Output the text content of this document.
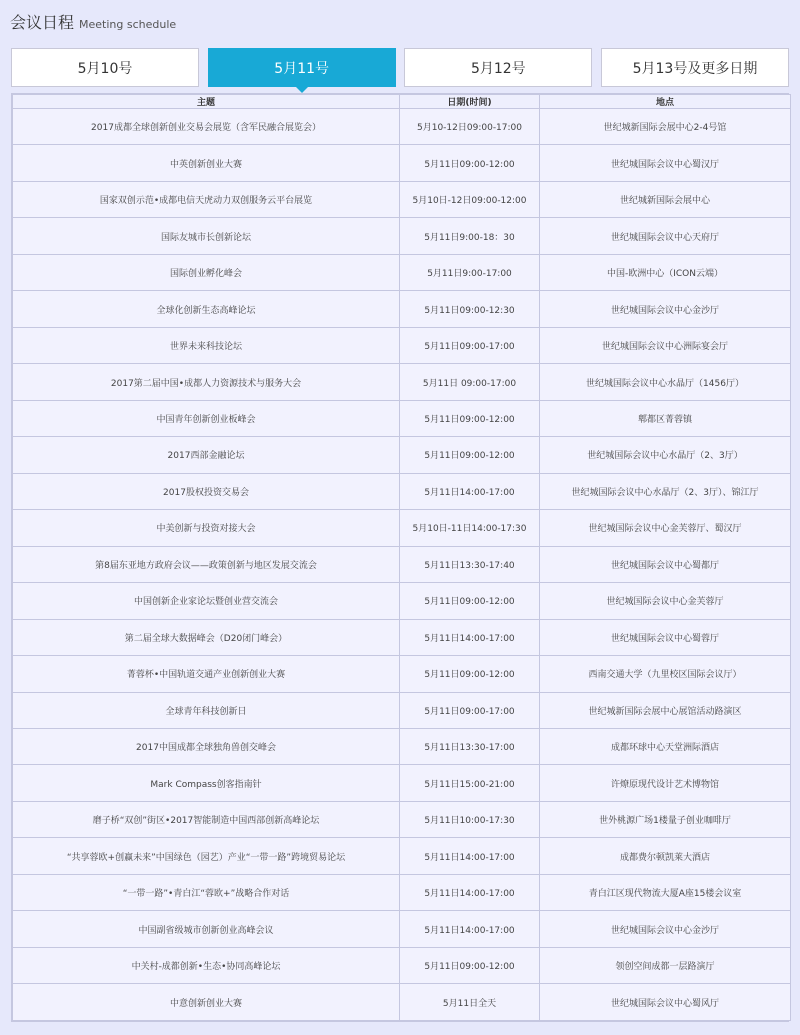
会议日程 Meeting schedule
5月10号	5月11号	5月12号	5月13号及更多日期
主题	日期(时间)	地点
2017成都全球创新创业交易会展览（含军民融合展览会）	5月10-12日09:00-17:00	世纪城新国际会展中心2-4号馆
中英创新创业大赛	5月11日09:00-12:00	世纪城国际会议中心蜀汉厅
国家双创示范•成都电信天虎动力双创服务云平台展览	5月10日-12日09:00-12:00	世纪城新国际会展中心
国际友城市长创新论坛	5月11日9:00-18：30	世纪城国际会议中心天府厅
国际创业孵化峰会	5月11日9:00-17:00	中国-欧洲中心（ICON云端）
全球化创新生态高峰论坛	5月11日09:00-12:30	世纪城国际会议中心金沙厅
世界未来科技论坛	5月11日09:00-17:00	世纪城国际会议中心洲际宴会厅
2017第二届中国•成都人力资源技术与服务大会	5月11日 09:00-17:00	世纪城国际会议中心水晶厅（1456厅）
中国青年创新创业板峰会	5月11日09:00-12:00	郫都区菁蓉镇
2017西部金融论坛	5月11日09:00-12:00	世纪城国际会议中心水晶厅（2、3厅）
2017股权投资交易会	5月11日14:00-17:00	世纪城国际会议中心水晶厅（2、3厅）、锦江厅
中美创新与投资对接大会	5月10日-11日14:00-17:30	世纪城国际会议中心金芙蓉厅、蜀汉厅
第8届东亚地方政府会议——政策创新与地区发展交流会	5月11日13:30-17:40	世纪城国际会议中心蜀都厅
中国创新企业家论坛暨创业营交流会	5月11日09:00-12:00	世纪城国际会议中心金芙蓉厅
第二届全球大数据峰会（D20闭门峰会）	5月11日14:00-17:00	世纪城国际会议中心蜀蓉厅
菁蓉杯•中国轨道交通产业创新创业大赛	5月11日09:00-12:00	西南交通大学（九里校区国际会议厅）
全球青年科技创新日	5月11日09:00-17:00	世纪城新国际会展中心展馆活动路演区
2017中国成都全球独角兽创交峰会	5月11日13:30-17:00	成都环球中心天堂洲际酒店
Mark Compass创客指南针	5月11日15:00-21:00	许燎原现代设计艺术博物馆
磨子桥“双创”街区•2017智能制造中国西部创新高峰论坛	5月11日10:00-17:30	世外桃源广场1楼量子创业咖啡厅
“共享蓉欧+创赢未来”中国绿色（园艺）产业“一带一路”跨境贸易论坛	5月11日14:00-17:00	成都费尔顿凯莱大酒店
“一带一路”•青白江“蓉欧+”战略合作对话	5月11日14:00-17:00	青白江区现代物流大厦A座15楼会议室
中国副省级城市创新创业高峰会议	5月11日14:00-17:00	世纪城国际会议中心金沙厅
中关村-成都创新•生态•协同高峰论坛	5月11日09:00-12:00	领创空间成都一层路演厅
中意创新创业大赛	5月11日全天	世纪城国际会议中心蜀风厅
